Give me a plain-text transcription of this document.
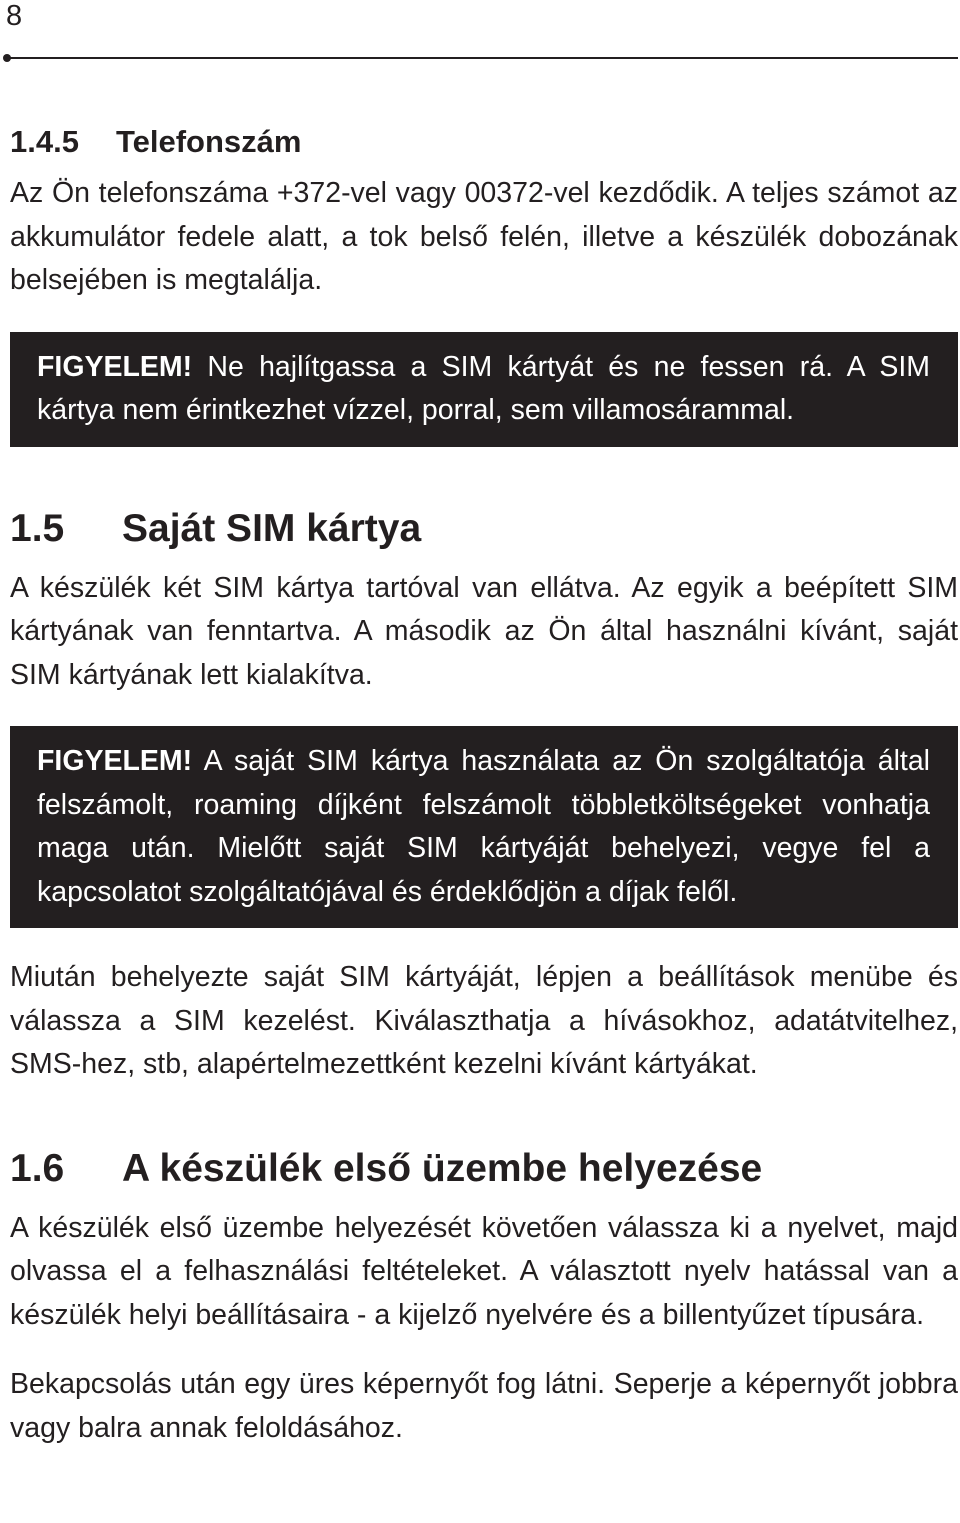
8
1.4.5 Telefonszám

Az Ön telefonszáma +372-vel vagy 00372-vel kezdődik. A teljes számot az akkumulátor fedele alatt, a tok belső felén, illetve a készülék dobozának belsejében is megtalálja.

FIGYELEM! Ne hajlítgassa a SIM kártyát és ne fessen rá. A SIM kártya nem érintkezhet vízzel, porral, sem villamosárammal.
1.5 Saját SIM kártya

A készülék két SIM kártya tartóval van ellátva. Az egyik a beépített SIM kártyának van fenntartva. A második az Ön által használni kívánt, saját SIM kártyának lett kialakítva.

FIGYELEM! A saját SIM kártya használata az Ön szolgáltatója által felszámolt, roaming díjként felszámolt többletköltségeket vonhatja maga után. Mielőtt saját SIM kártyáját behelyezi, vegye fel a kapcsolatot szolgáltatójával és érdeklődjön a díjak felől.

Miután behelyezte saját SIM kártyáját, lépjen a beállítások menübe és válassza a SIM kezelést. Kiválaszthatja a hívásokhoz, adatátvitelhez, SMS-hez, stb, alapértelmezettként kezelni kívánt kártyákat.

1.6 A készülék első üzembe helyezése

A készülék első üzembe helyezését követően válassza ki a nyelvet, majd olvassa el a felhasználási feltételeket. A választott nyelv hatással van a készülék helyi beállításaira - a kijelző nyelvére és a billentyűzet típusára.

Bekapcsolás után egy üres képernyőt fog látni. Seperje a képernyőt jobbra vagy balra annak feloldásához.
